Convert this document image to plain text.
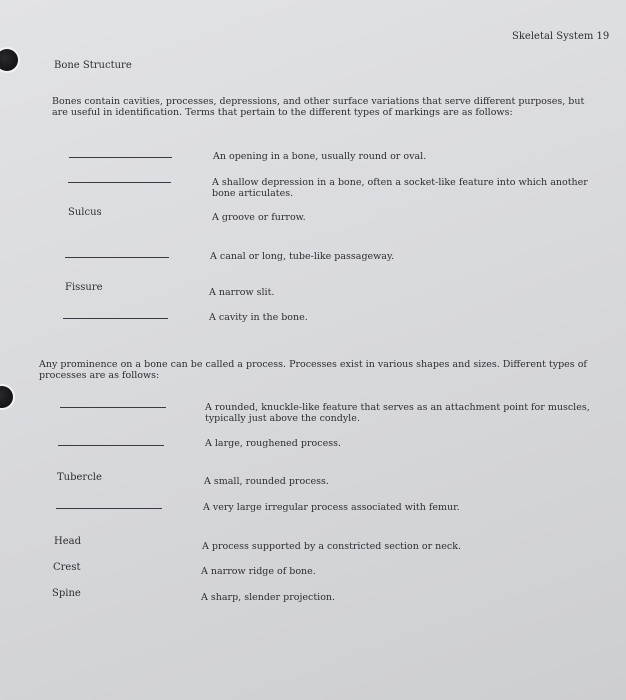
Skeletal System 19
Bone Structure
Bones contain cavities, processes, depressions, and other surface variations that serve different purposes, but are useful in identification. Terms that pertain to the different types of markings are as follows:
An opening in a bone, usually round or oval.
A shallow depression in a bone, often a socket-like feature into which another bone articulates.
Sulcus	A groove or furrow.
A canal or long, tube-like passageway.
Fissure	A narrow slit.
A cavity in the bone.
Any prominence on a bone can be called a process. Processes exist in various shapes and sizes. Different types of processes are as follows:
A rounded, knuckle-like feature that serves as an attachment point for muscles, typically just above the condyle.
A large, roughened process.
Tubercle	A small, rounded process.
A very large irregular process associated with femur.
Head	A process supported by a constricted section or neck.
Crest	A narrow ridge of bone.
Spine	A sharp, slender projection.
